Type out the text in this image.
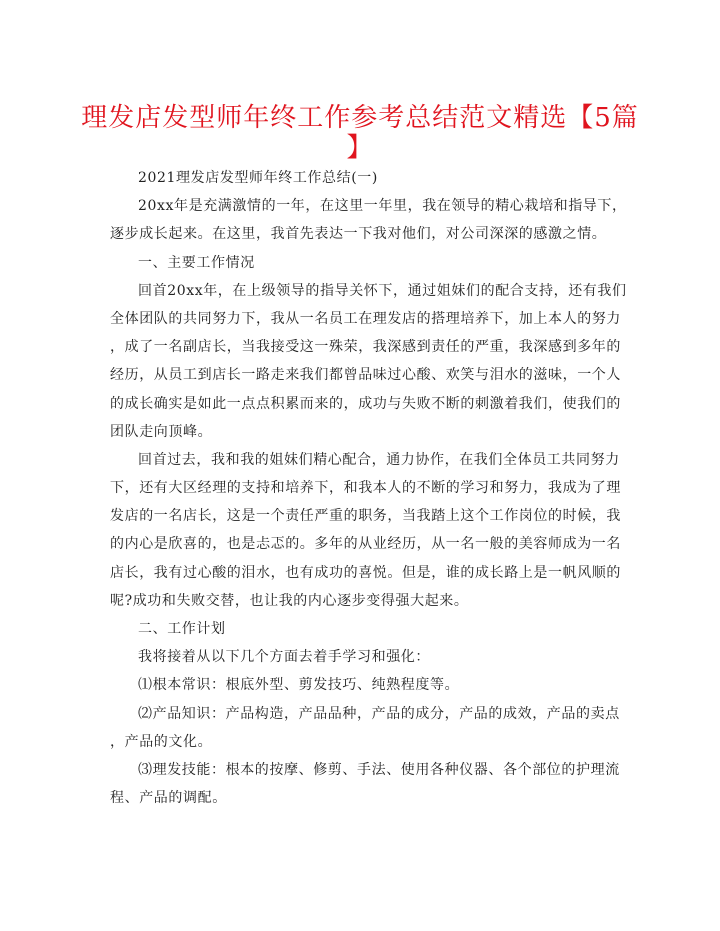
理发店发型师年终工作参考总结范文精选【5篇
】
2021理发店发型师年终工作总结(一)
20xx年是充满激情的一年，在这里一年里，我在领导的精心栽培和指导下，
逐步成长起来。在这里，我首先表达一下我对他们，对公司深深的感激之情。
一、主要工作情况
回首20xx年，在上级领导的指导关怀下，通过姐妹们的配合支持，还有我们
全体团队的共同努力下，我从一名员工在理发店的搭理培养下，加上本人的努力
，成了一名副店长，当我接受这一殊荣，我深感到责任的严重，我深感到多年的
经历，从员工到店长一路走来我们都曾品味过心酸、欢笑与泪水的滋味，一个人
的成长确实是如此一点点积累而来的，成功与失败不断的刺激着我们，使我们的
团队走向顶峰。
回首过去，我和我的姐妹们精心配合，通力协作，在我们全体员工共同努力
下，还有大区经理的支持和培养下，和我本人的不断的学习和努力，我成为了理
发店的一名店长，这是一个责任严重的职务，当我踏上这个工作岗位的时候，我
的内心是欣喜的，也是忐忑的。多年的从业经历，从一名一般的美容师成为一名
店长，我有过心酸的泪水，也有成功的喜悦。但是，谁的成长路上是一帆风顺的
呢?成功和失败交替，也让我的内心逐步变得强大起来。
二、工作计划
我将接着从以下几个方面去着手学习和强化：
⑴根本常识：根底外型、剪发技巧、纯熟程度等。
⑵产品知识：产品构造，产品品种，产品的成分，产品的成效，产品的卖点
，产品的文化。
⑶理发技能：根本的按摩、修剪、手法、使用各种仪器、各个部位的护理流
程、产品的调配。
